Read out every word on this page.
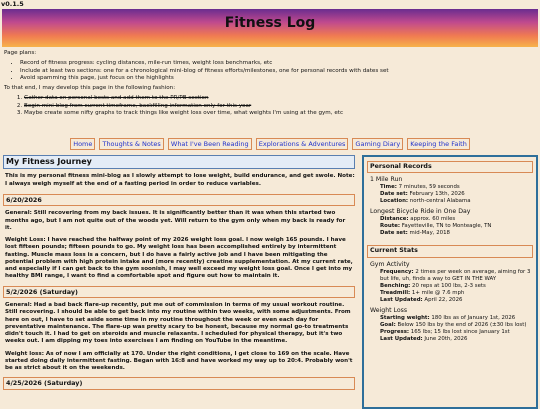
v0.1.5
Fitness Log

Page plans:

• Record of fitness progress: cycling distances, mile-run times, weight loss benchmarks, etc
• Include at least two sections: one for a chronological mini-blog of fitness efforts/milestones, one for personal records with dates set
• Avoid spamming this page, just focus on the highlights

To that end, I may develop this page in the following fashion:

1. Gather data on personal bests and add them to the PR/PB section
2. Begin mini-blog from current timeframe, backfilling information only for this year
3. Maybe create some nifty graphs to track things like weight loss over time, what weights I'm using at the gym, etc
Home Thoughts & Notes What I've Been Reading Explorations & Adventures Gaming Diary Keeping the Faith
My Fitness Journey

This is my personal fitness mini-blog as I slowly attempt to lose weight, build endurance, and get swole. Note: I always weigh myself at the end of a fasting period in order to reduce variables.

6/20/2026

General: Still recovering from my back issues. It is significantly better than it was when this started two months ago, but I am not quite out of the woods yet. Will return to the gym only when my back is ready for it.

Weight Loss: I have reached the halfway point of my 2026 weight loss goal. I now weigh 165 pounds. I have lost fifteen pounds; fifteen pounds to go. My weight loss has been accomplished entirely by intermittent fasting. Muscle mass loss is a concern, but I do have a fairly active job and I have been mitigating the potential problem with high protein intake and (more recently) creatine supplementation. At my current rate, and especially if I can get back to the gym soonish, I may well exceed my weight loss goal. Once I get into my healthy BMI range, I want to find a comfortable spot and figure out how to maintain it.

5/2/2026 (Saturday)

General: Had a bad back flare-up recently, put me out of commission in terms of my usual workout routine. Still recovering. I should be able to get back into my routine within two weeks, with some adjustments. From here on out, I have to set aside some time in my routine throughout the week or even each day for preventative maintenance. The flare-up was pretty scary to be honest, because my normal go-to treatments didn't touch it. I had to get on steroids and muscle relaxants. I scheduled for physical therapy, but it's two weeks out. I am dipping my toes into exercises I am finding on YouTube in the meantime.

Weight loss: As of now I am officially at 170. Under the right conditions, I get close to 169 on the scale. Have started doing daily intermittent fasting. Began with 16:8 and have worked my way up to 20:4. Probably won't be as strict about it on the weekends.

4/25/2026 (Saturday)
Personal Records
1 Mile Run
Time: 7 minutes, 59 seconds
Date set: February 13th, 2026
Location: north-central Alabama
Longest Bicycle Ride in One Day
Distance: approx. 60 miles
Route: Fayetteville, TN to Monteagle, TN
Date set: mid-May, 2018
Current Stats
Gym Activity
Frequency: 2 times per week on average, aiming for 3 but life, uh, finds a way to GET IN THE WAY
Benching: 20 reps at 100 lbs, 2-3 sets
Treadmill: 1+ mile @ 7.6 mph
Last Updated: April 22, 2026
Weight Loss
Starting weight: 180 lbs as of January 1st, 2026
Goal: Below 150 lbs by the end of 2026 (±30 lbs lost)
Progress: 165 lbs; 15 lbs lost since January 1st
Last Updated: June 20th, 2026
